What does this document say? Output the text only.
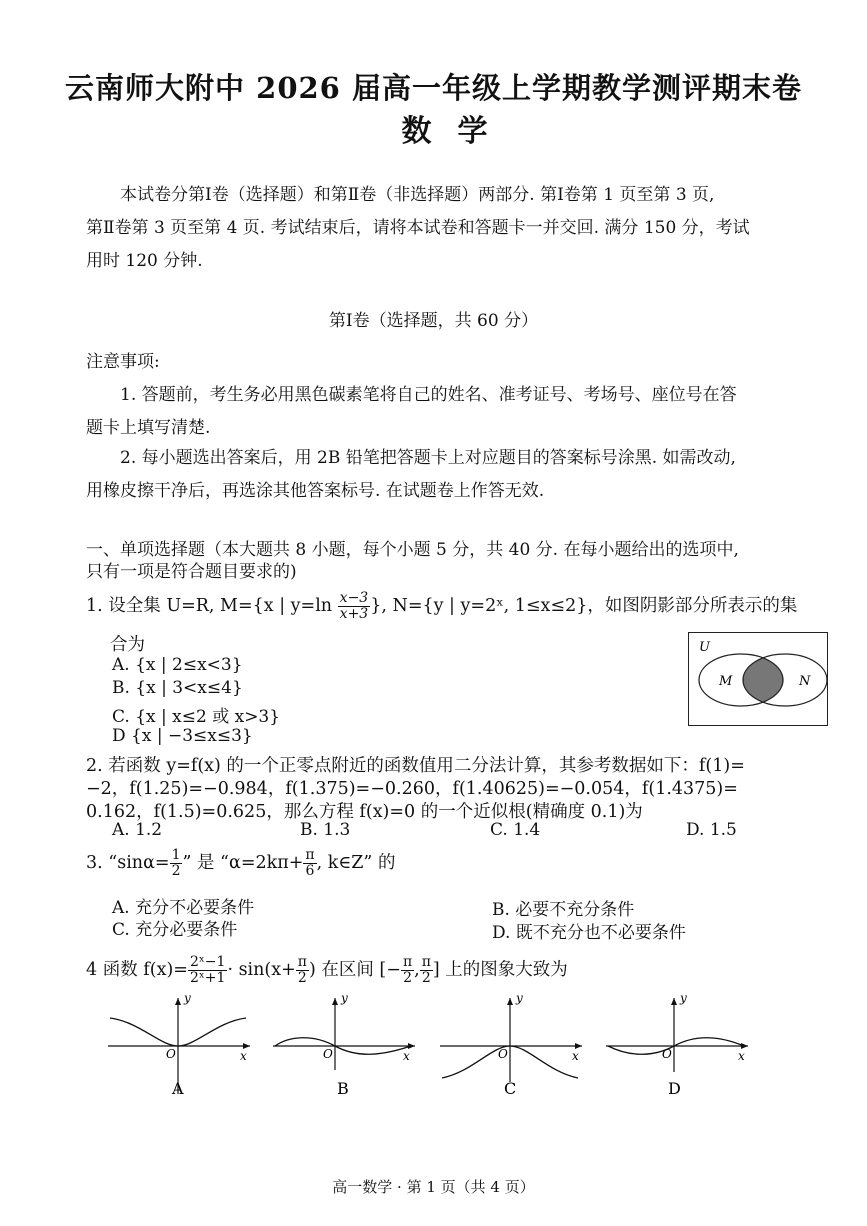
云南师大附中 2026 届高一年级上学期教学测评期末卷
数学
本试卷分第Ⅰ卷（选择题）和第Ⅱ卷（非选择题）两部分. 第Ⅰ卷第 1 页至第 3 页,
第Ⅱ卷第 3 页至第 4 页. 考试结束后，请将本试卷和答题卡一并交回. 满分 150 分，考试
用时 120 分钟.
第Ⅰ卷（选择题，共 60 分）
注意事项:
1. 答题前，考生务必用黑色碳素笔将自己的姓名、准考证号、考场号、座位号在答
题卡上填写清楚.
2. 每小题选出答案后，用 2B 铅笔把答题卡上对应题目的答案标号涂黑. 如需改动,
用橡皮擦干净后，再选涂其他答案标号. 在试题卷上作答无效.
一、单项选择题（本大题共 8 小题，每个小题 5 分，共 40 分. 在每小题给出的选项中,
只有一项是符合题目要求的)
1. 设全集 U=R, M={x | $y=\ln \frac{x-3}{x+3}$ }, N={y | y=2ˣ, 1≤x≤2}，如图阴影部分所表示的集
合为
A. {x | 2≤x<3}
B. {x | 3<x≤4}
C. {x | x≤2 或 x>3}
D {x | −3≤x≤3}
U
M	N
2. 若函数 y=f(x) 的一个正零点附近的函数值用二分法计算，其参考数据如下：f(1)=
−2，f(1.25)=−0.984，f(1.375)=−0.260，f(1.40625)=−0.054，f(1.4375)=
0.162，f(1.5)=0.625，那么方程 f(x)=0 的一个近似根(精确度 0.1)为
A. 1.2	B. 1.3	C. 1.4	D. 1.5
3. “$\sin\alpha= \frac{1}{2}$ ” 是 “$\alpha=2k\pi+ \frac{\pi}{6}$ , k∈Z” 的
A. 充分不必要条件	B. 必要不充分条件
C. 充分必要条件	D. 既不充分也不必要条件
4 函数 $f(x)= \frac{\text{2ˣ−1}}{\text{2ˣ+1}} \cdot \sin(x+ \frac{\pi}{2}$ ) 在区间 [− $\frac{\pi}{2}$ , $\frac{\pi}{2}$ ] 上的图象大致为
y
x
O
A
y
x
O
B
y
x
O
C
y
x
O
D
高一数学 · 第 1 页（共 4 页）
